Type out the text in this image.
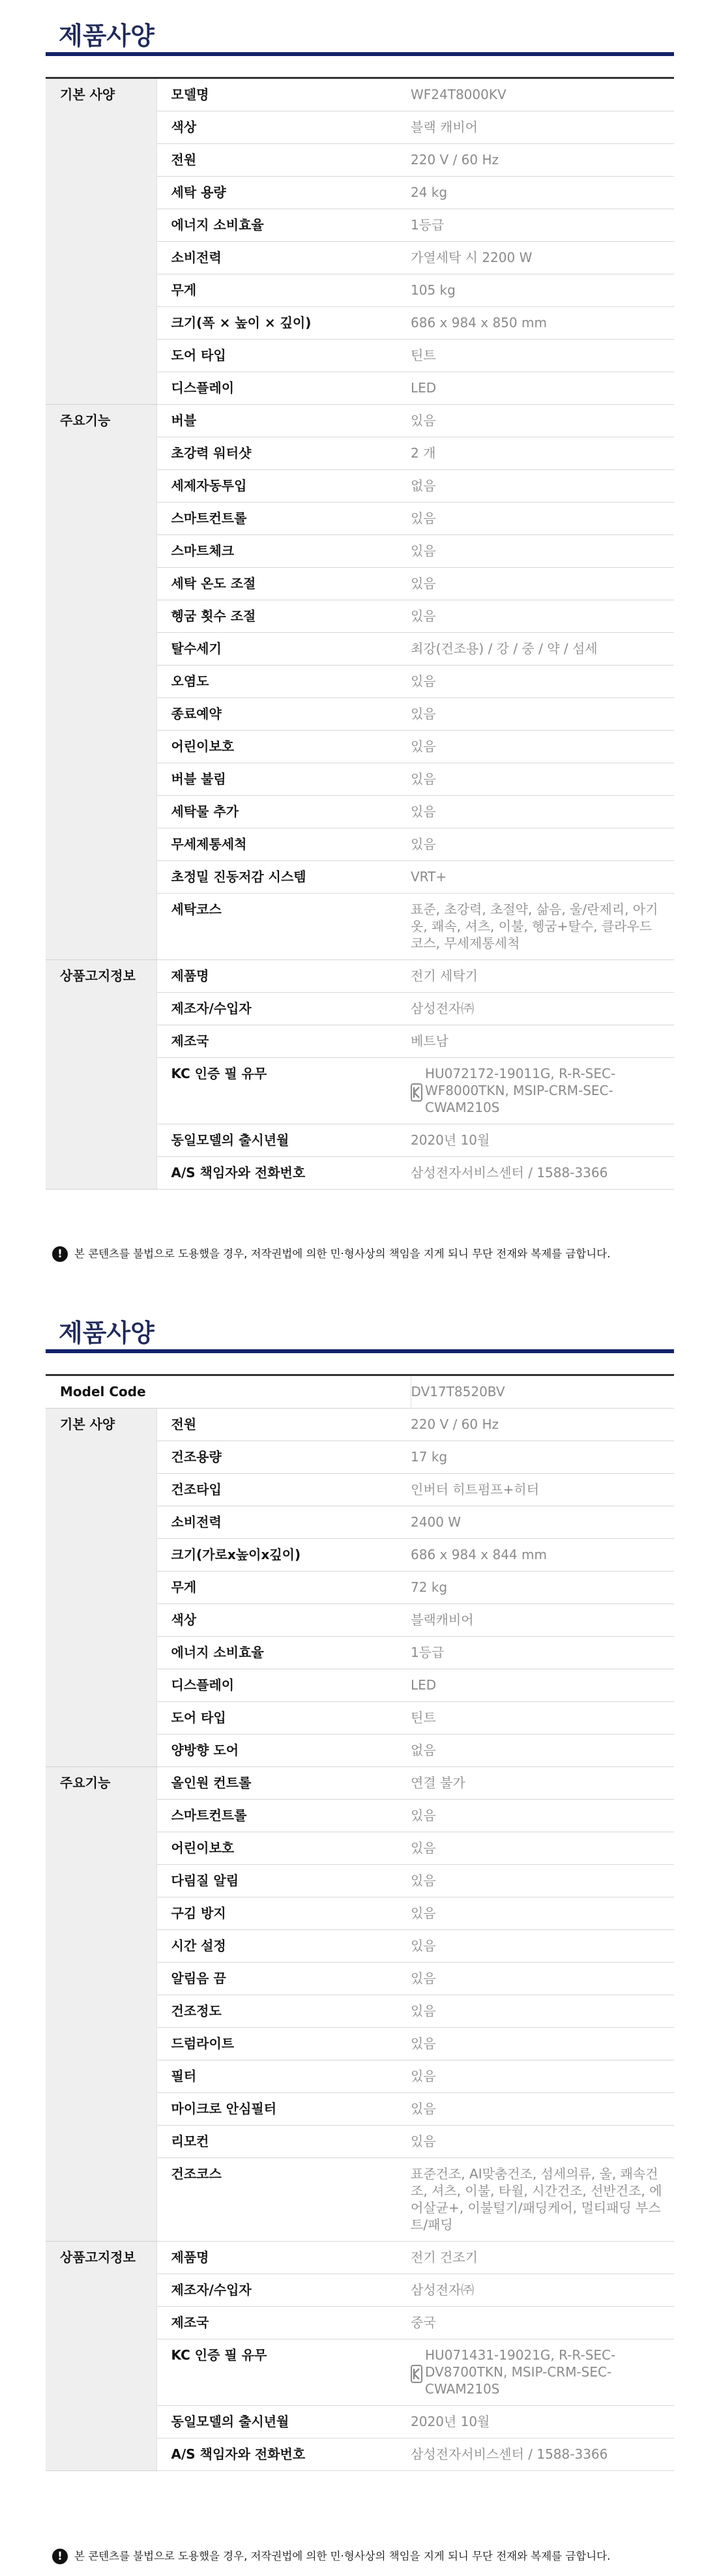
제품사양
기본 사양	모델명	WF24T8000KV
	색상	블랙 캐비어
	전원	220 V / 60 Hz
	세탁 용량	24 kg
	에너지 소비효율	1등급
	소비전력	가열세탁 시 2200 W
	무게	105 kg
	크기(폭 × 높이 × 깊이)	686 x 984 x 850 mm
	도어 타입	틴트
	디스플레이	LED
주요기능	버블	있음
	초강력 워터샷	2 개
	세제자동투입	없음
	스마트컨트롤	있음
	스마트체크	있음
	세탁 온도 조절	있음
	헹굼 횟수 조절	있음
	탈수세기	최강(건조용) / 강 / 중 / 약 / 섬세
	오염도	있음
	종료예약	있음
	어린이보호	있음
	버블 불림	있음
	세탁물 추가	있음
	무세제통세척	있음
	초정밀 진동저감 시스템	VRT+
	세탁코스	표준, 초강력, 초절약, 삶음, 울/란제리, 아기옷, 쾌속, 셔츠, 이불, 헹굼+탈수, 클라우드코스, 무세제통세척
상품고지정보	제품명	전기 세탁기
	제조자/수입자	삼성전자㈜
	제조국	베트남
	KC 인증 필 유무	HU072172-19011G, R-R-SEC-WF8000TKN, MSIP-CRM-SEC-CWAM210S

	동일모델의 출시년월	2020년 10월
	A/S 책임자와 전화번호	삼성전자서비스센터 / 1588-3366
!	본 콘텐츠를 불법으로 도용했을 경우, 저작권법에 의한 민·형사상의 책임을 지게 되니 무단 전재와 복제를 금합니다.
제품사양
Model Code		DV17T8520BV
기본 사양	전원	220 V / 60 Hz
	건조용량	17 kg
	건조타입	인버터 히트펌프+히터
	소비전력	2400 W
	크기(가로x높이x깊이)	686 x 984 x 844 mm
	무게	72 kg
	색상	블랙캐비어
	에너지 소비효율	1등급
	디스플레이	LED
	도어 타입	틴트
	양방향 도어	없음
주요기능	올인원 컨트롤	연결 불가
	스마트컨트롤	있음
	어린이보호	있음
	다림질 알림	있음
	구김 방지	있음
	시간 설정	있음
	알림음 끔	있음
	건조정도	있음
	드럼라이트	있음
	필터	있음
	마이크로 안심필터	있음
	리모컨	있음
	건조코스	표준건조, AI맞춤건조, 섬세의류, 울, 쾌속건조, 셔츠, 이불, 타월, 시간건조, 선반건조, 에어살균+, 이불털기/패딩케어, 멀티패딩 부스트/패딩
상품고지정보	제품명	전기 건조기
	제조자/수입자	삼성전자㈜
	제조국	중국
	KC 인증 필 유무	HU071431-19021G, R-R-SEC-DV8700TKN, MSIP-CRM-SEC-CWAM210S

	동일모델의 출시년월	2020년 10월
	A/S 책임자와 전화번호	삼성전자서비스센터 / 1588-3366
!	본 콘텐츠를 불법으로 도용했을 경우, 저작권법에 의한 민·형사상의 책임을 지게 되니 무단 전재와 복제를 금합니다.
